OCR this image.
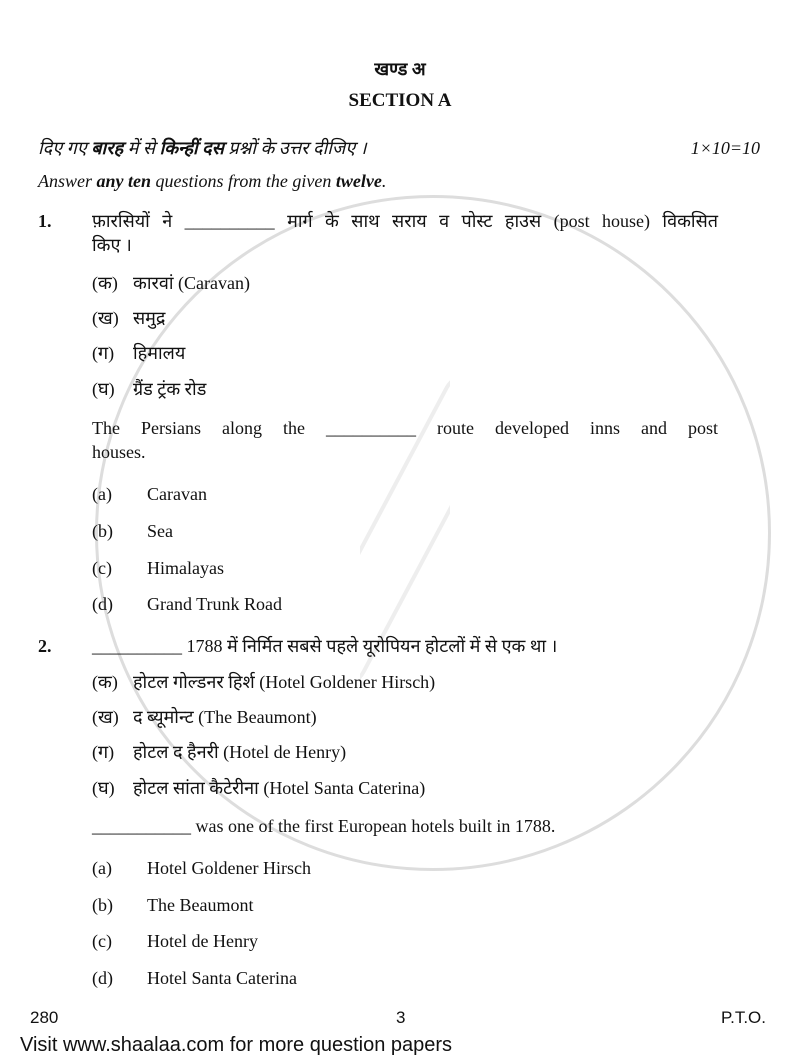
खण्ड अ
SECTION A
दिए गए बारह में से किन्हीं दस प्रश्नों के उत्तर दीजिए ।	1×10=10
Answer any ten questions from the given twelve.
1. फ़ारसियों ने __________ मार्ग के साथ सराय व पोस्ट हाउस (post house) विकसित
किए ।
(क) कारवां (Caravan)
(ख) समुद्र
(ग) हिमालय
(घ) ग्रैंड ट्रंक रोड
The Persians along the __________ route developed inns and post
houses.
(a) Caravan
(b) Sea
(c) Himalayas
(d) Grand Trunk Road
2. __________ 1788 में निर्मित सबसे पहले यूरोपियन होटलों में से एक था ।
(क) होटल गोल्डनर हिर्श (Hotel Goldener Hirsch)
(ख) द ब्यूमोन्ट (The Beaumont)
(ग) होटल द हैनरी (Hotel de Henry)
(घ) होटल सांता कैटेरीना (Hotel Santa Caterina)
___________ was one of the first European hotels built in 1788.
(a) Hotel Goldener Hirsch
(b) The Beaumont
(c) Hotel de Henry
(d) Hotel Santa Caterina
280	3	P.T.O.
Visit www.shaalaa.com for more question papers
